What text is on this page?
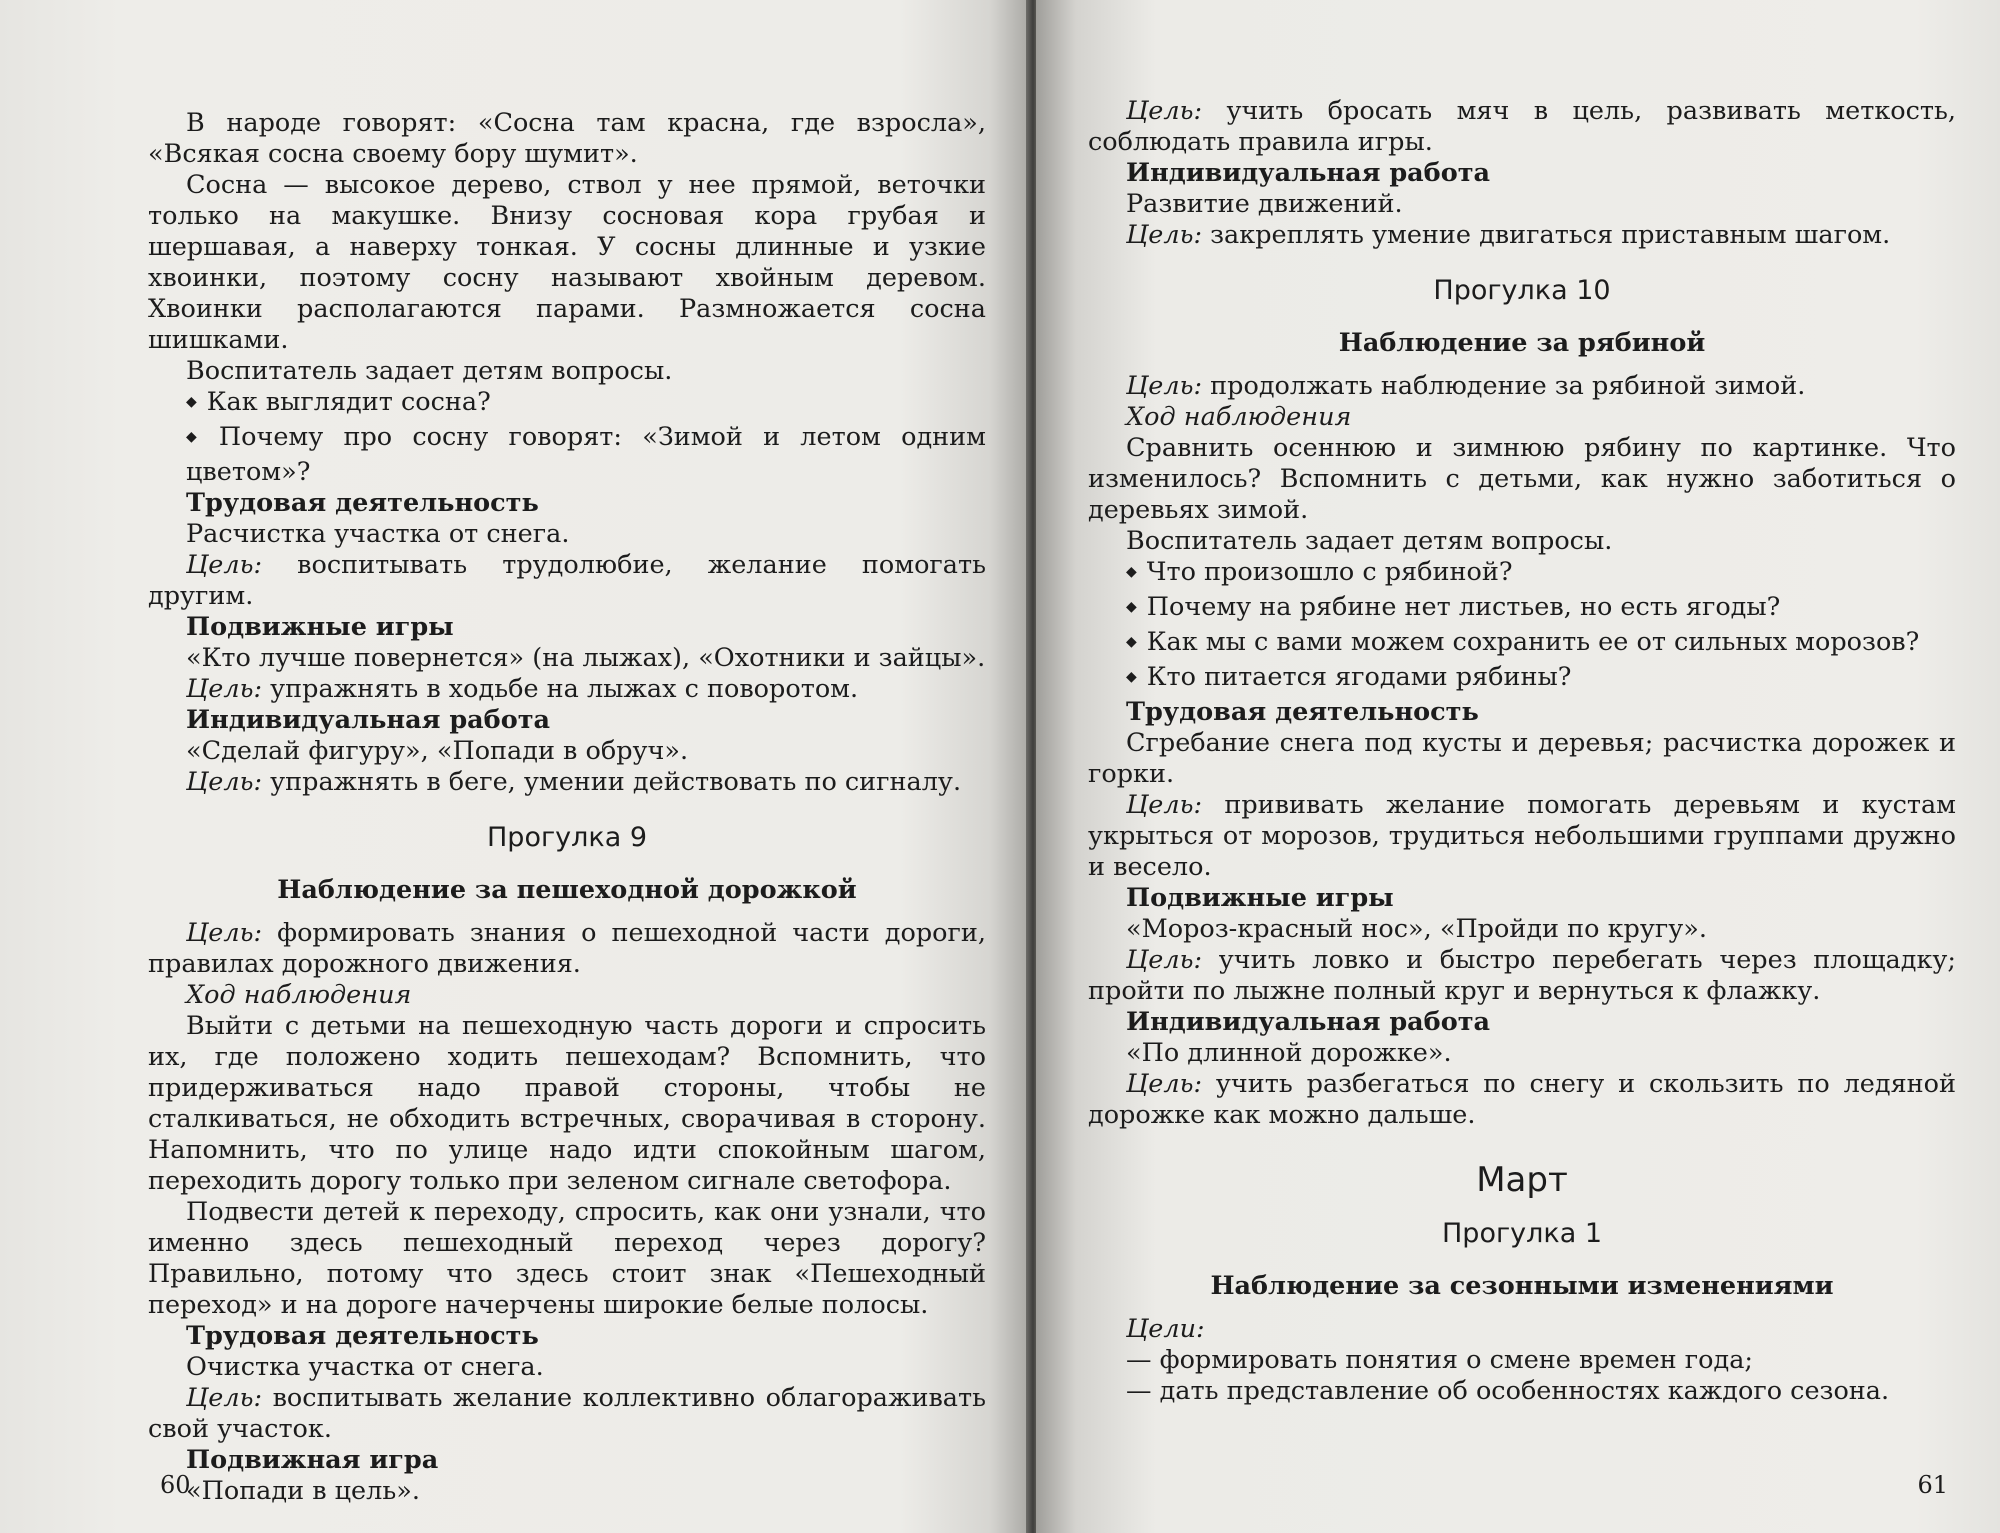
В народе говорят: «Сосна там красна, где взросла», «Всякая сосна своему бору шумит».

Сосна — высокое дерево, ствол у нее прямой, веточки только на макушке. Внизу сосновая кора грубая и шершавая, а наверху тонкая. У сосны длинные и узкие хвоинки, поэтому сосну называют хвойным деревом. Хвоинки располагаются парами. Размножается сосна шишками.

Воспитатель задает детям вопросы.

◆ Как выглядит сосна?

◆ Почему про сосну говорят: «Зимой и летом одним цветом»?

Трудовая деятельность

Расчистка участка от снега.

Цель: воспитывать трудолюбие, желание помогать другим.

Подвижные игры

«Кто лучше повернется» (на лыжах), «Охотники и зайцы».

Цель: упражнять в ходьбе на лыжах с поворотом.

Индивидуальная работа

«Сделай фигуру», «Попади в обруч».

Цель: упражнять в беге, умении действовать по сигналу.

Прогулка 9

Наблюдение за пешеходной дорожкой

Цель: формировать знания о пешеходной части дороги, правилах дорожного движения.

Ход наблюдения

Выйти с детьми на пешеходную часть дороги и спросить их, где положено ходить пешеходам? Вспомнить, что придерживаться надо правой стороны, чтобы не сталкиваться, не обходить встречных, сворачивая в сторону. Напомнить, что по улице надо идти спокойным шагом, переходить дорогу только при зеленом сигнале светофора.

Подвести детей к переходу, спросить, как они узнали, что именно здесь пешеходный переход через дорогу? Правильно, потому что здесь стоит знак «Пешеходный переход» и на дороге начерчены широкие белые полосы.

Трудовая деятельность

Очистка участка от снега.

Цель: воспитывать желание коллективно облагораживать свой участок.

Подвижная игра

«Попади в цель».

60

Цель: учить бросать мяч в цель, развивать меткость, соблюдать правила игры.

Индивидуальная работа

Развитие движений.

Цель: закреплять умение двигаться приставным шагом.

Прогулка 10

Наблюдение за рябиной

Цель: продолжать наблюдение за рябиной зимой.

Ход наблюдения

Сравнить осеннюю и зимнюю рябину по картинке. Что изменилось? Вспомнить с детьми, как нужно заботиться о деревьях зимой.

Воспитатель задает детям вопросы.

◆ Что произошло с рябиной?

◆ Почему на рябине нет листьев, но есть ягоды?

◆ Как мы с вами можем сохранить ее от сильных морозов?

◆ Кто питается ягодами рябины?

Трудовая деятельность

Сгребание снега под кусты и деревья; расчистка дорожек и горки.

Цель: прививать желание помогать деревьям и кустам укрыться от морозов, трудиться небольшими группами дружно и весело.

Подвижные игры

«Мороз-красный нос», «Пройди по кругу».

Цель: учить ловко и быстро перебегать через площадку; пройти по лыжне полный круг и вернуться к флажку.

Индивидуальная работа

«По длинной дорожке».

Цель: учить разбегаться по снегу и скользить по ледяной дорожке как можно дальше.

Март

Прогулка 1

Наблюдение за сезонными изменениями

Цели:

— формировать понятия о смене времен года;

— дать представление об особенностях каждого сезона.

61
